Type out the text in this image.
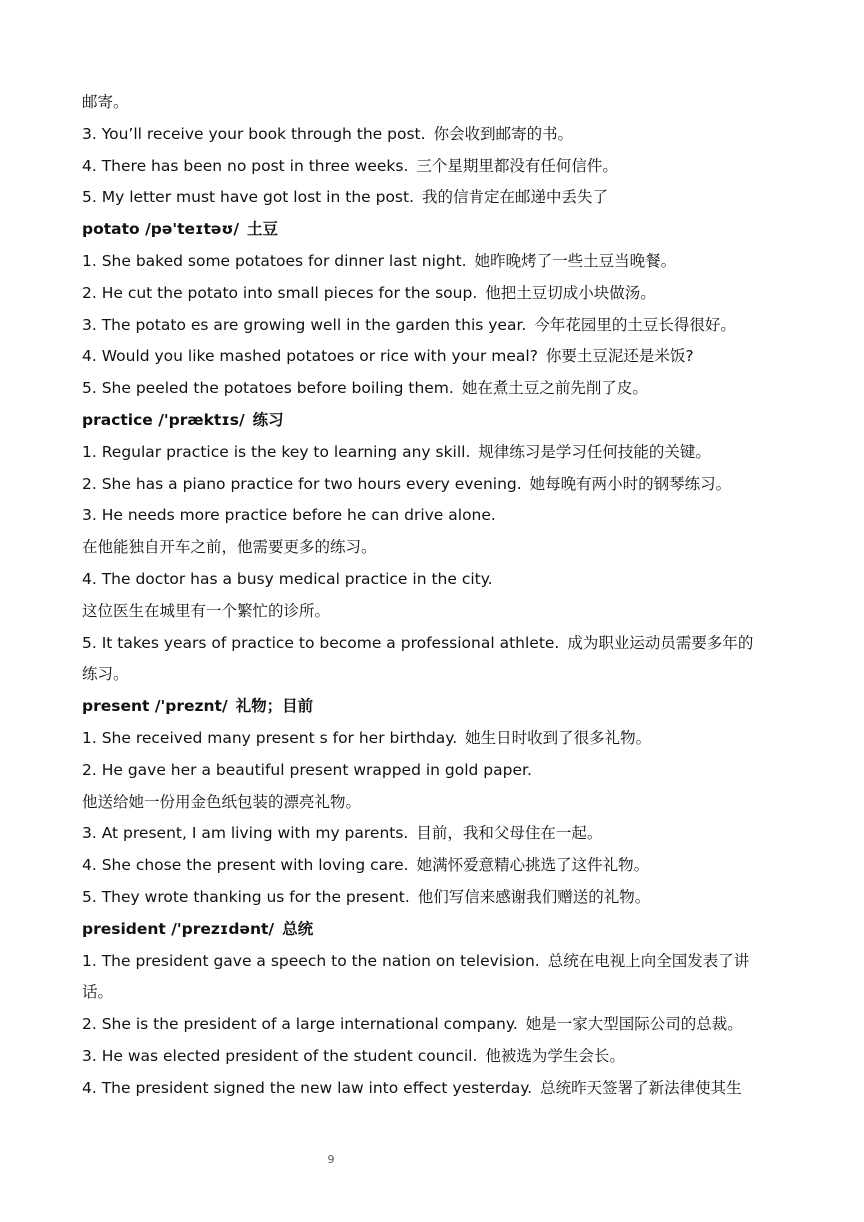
邮寄。
3. You’ll receive your book through the post. 你会收到邮寄的书。
4. There has been no post in three weeks. 三个星期里都没有任何信件。
5. My letter must have got lost in the post. 我的信肯定在邮递中丢失了
potato /pə'teɪtəʊ/ 土豆
1. She baked some potatoes for dinner last night. 她昨晚烤了一些土豆当晚餐。
2. He cut the potato into small pieces for the soup. 他把土豆切成小块做汤。
3. The potato es are growing well in the garden this year. 今年花园里的土豆长得很好。
4. Would you like mashed potatoes or rice with your meal? 你要土豆泥还是米饭?
5. She peeled the potatoes before boiling them. 她在煮土豆之前先削了皮。
practice /'præktɪs/ 练习
1. Regular practice is the key to learning any skill. 规律练习是学习任何技能的关键。
2. She has a piano practice for two hours every evening. 她每晚有两小时的钢琴练习。
3. He needs more practice before he can drive alone.
在他能独自开车之前，他需要更多的练习。
4. The doctor has a busy medical practice in the city.
这位医生在城里有一个繁忙的诊所。
5. It takes years of practice to become a professional athlete. 成为职业运动员需要多年的
练习。
present /'preznt/ 礼物；目前
1. She received many present s for her birthday. 她生日时收到了很多礼物。
2. He gave her a beautiful present wrapped in gold paper.
他送给她一份用金色纸包装的漂亮礼物。
3. At present, I am living with my parents. 目前，我和父母住在一起。
4. She chose the present with loving care. 她满怀爱意精心挑选了这件礼物。
5. They wrote thanking us for the present. 他们写信来感谢我们赠送的礼物。
president /'prezɪdənt/ 总统
1. The president gave a speech to the nation on television. 总统在电视上向全国发表了讲
话。
2. She is the president of a large international company. 她是一家大型国际公司的总裁。
3. He was elected president of the student council. 他被选为学生会长。
4. The president signed the new law into effect yesterday. 总统昨天签署了新法律使其生
9
